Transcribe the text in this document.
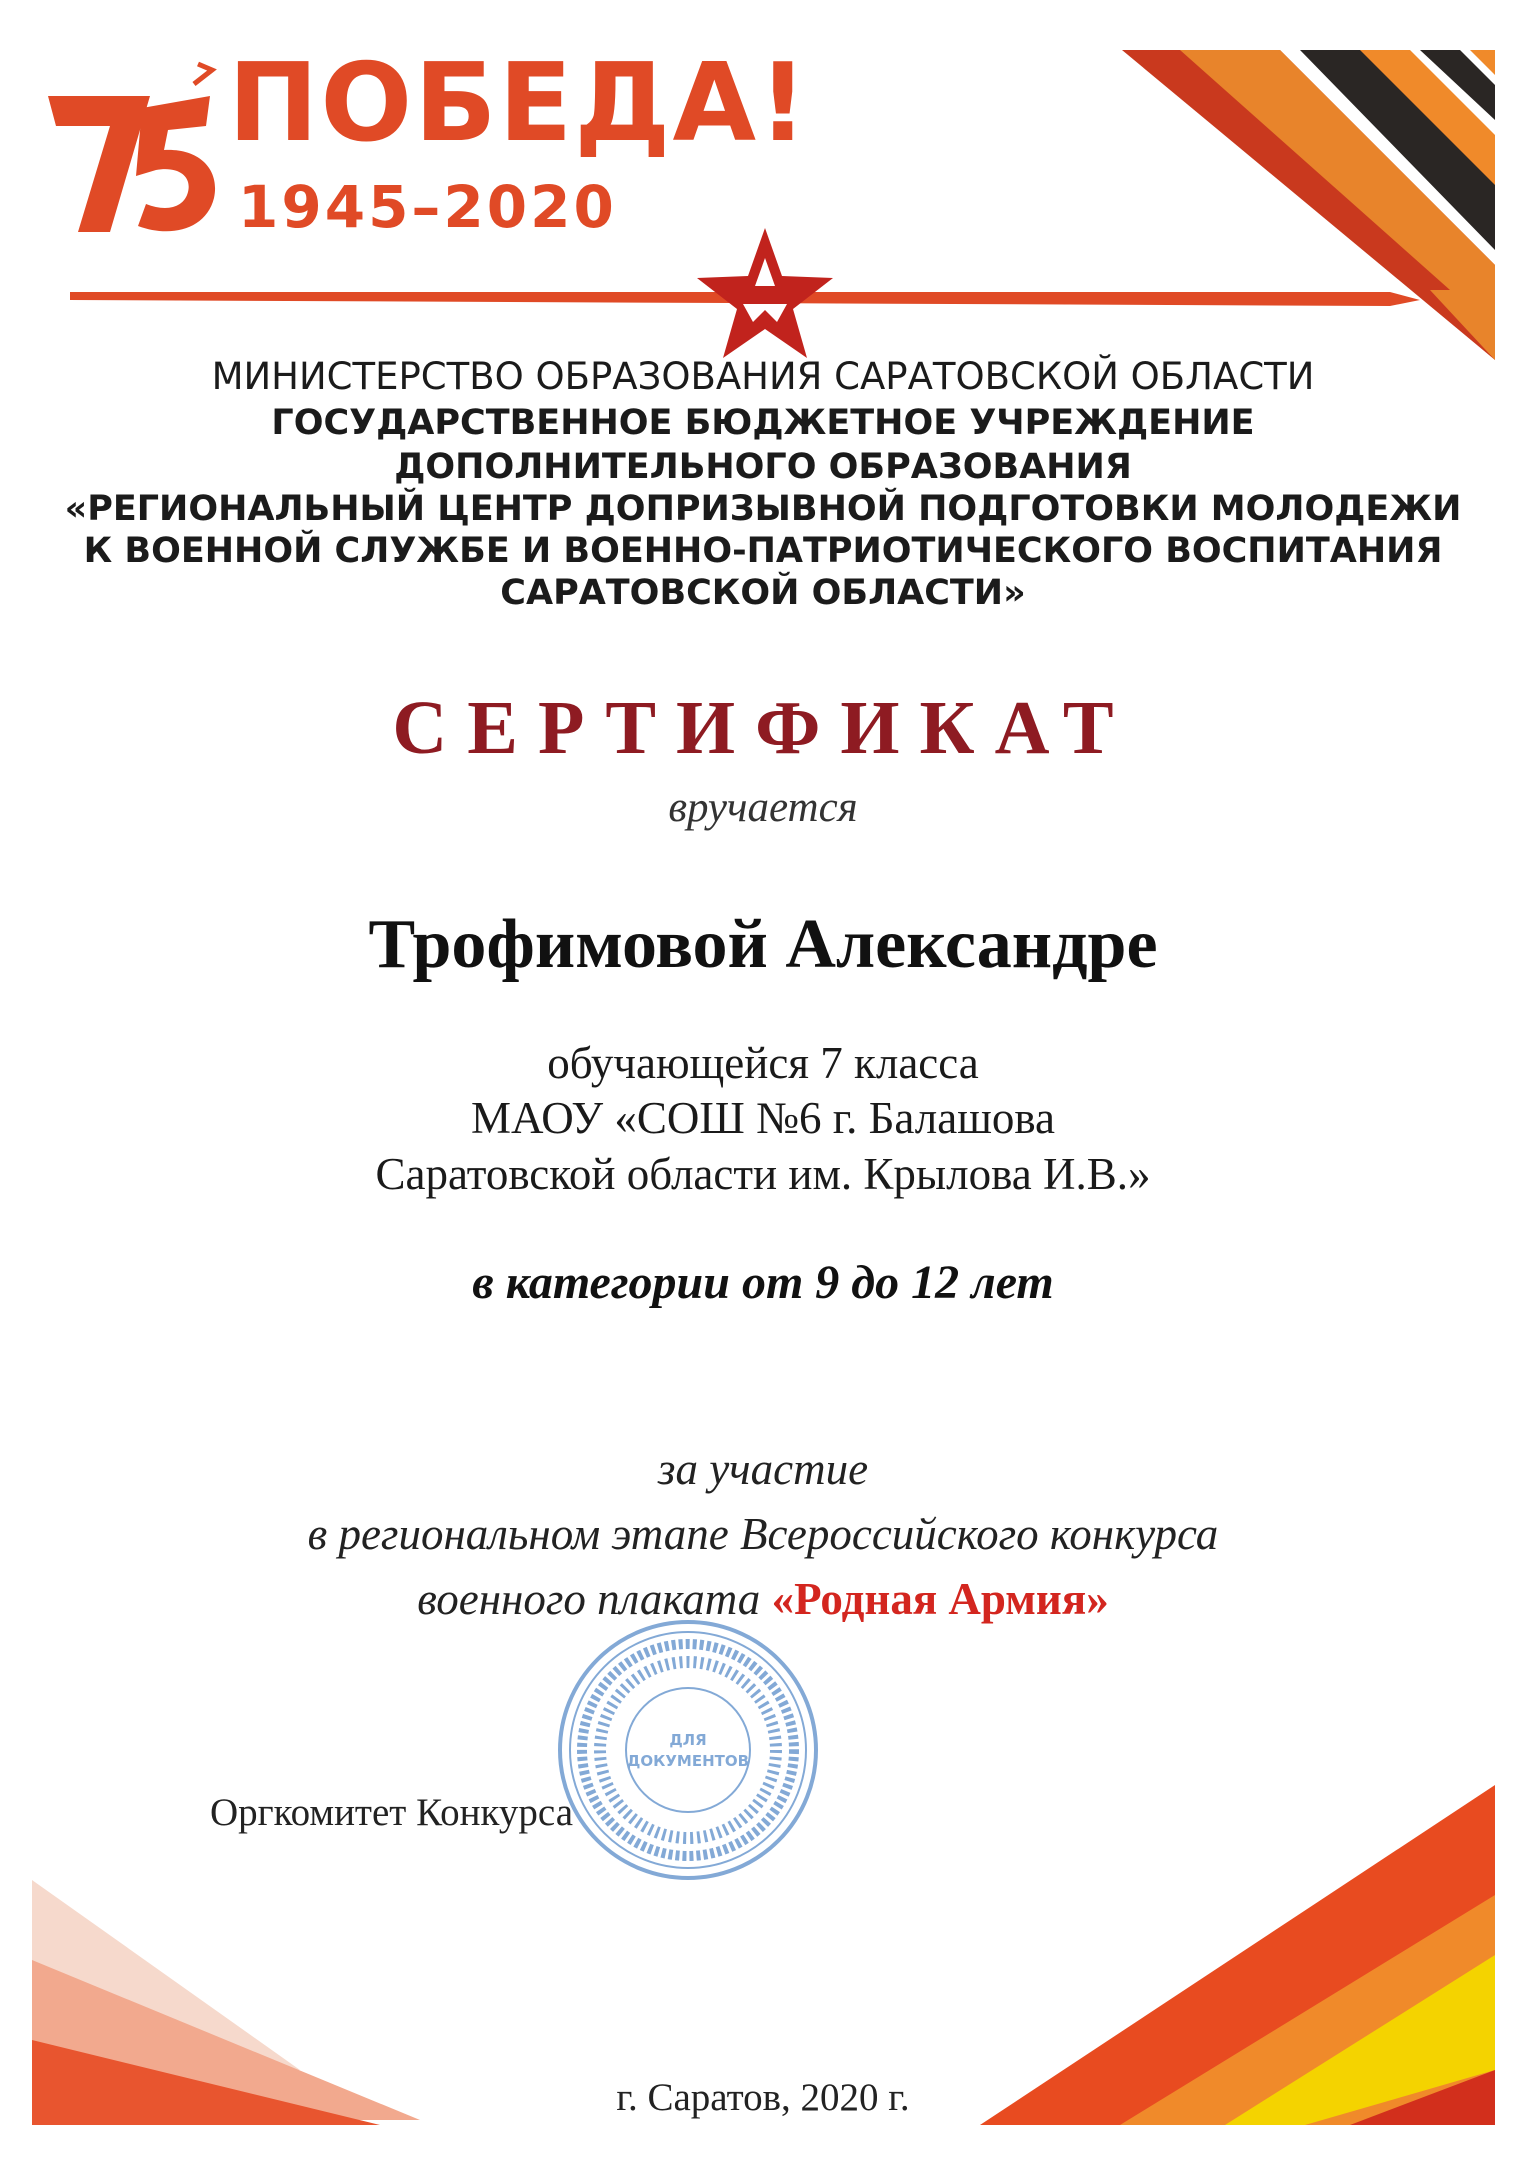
ПОБЕДА!
1945–2020
МИНИСТЕРСТВО ОБРАЗОВАНИЯ САРАТОВСКОЙ ОБЛАСТИ
ГОСУДАРСТВЕННОЕ БЮДЖЕТНОЕ УЧРЕЖДЕНИЕ
ДОПОЛНИТЕЛЬНОГО ОБРАЗОВАНИЯ
«РЕГИОНАЛЬНЫЙ ЦЕНТР ДОПРИЗЫВНОЙ ПОДГОТОВКИ МОЛОДЕЖИ
К ВОЕННОЙ СЛУЖБЕ И ВОЕННО-ПАТРИОТИЧЕСКОГО ВОСПИТАНИЯ
САРАТОВСКОЙ ОБЛАСТИ»
СЕРТИФИКАТ
вручается
Трофимовой Александре
обучающейся 7 класса
МАОУ «СОШ №6 г. Балашова
Саратовской области им. Крылова И.В.»
в категории от 9 до 12 лет
за участие
в региональном этапе Всероссийского конкурса
военного плаката «Родная Армия»
ДЛЯ
ДОКУМЕНТОВ
Оргкомитет Конкурса
г. Саратов, 2020 г.
